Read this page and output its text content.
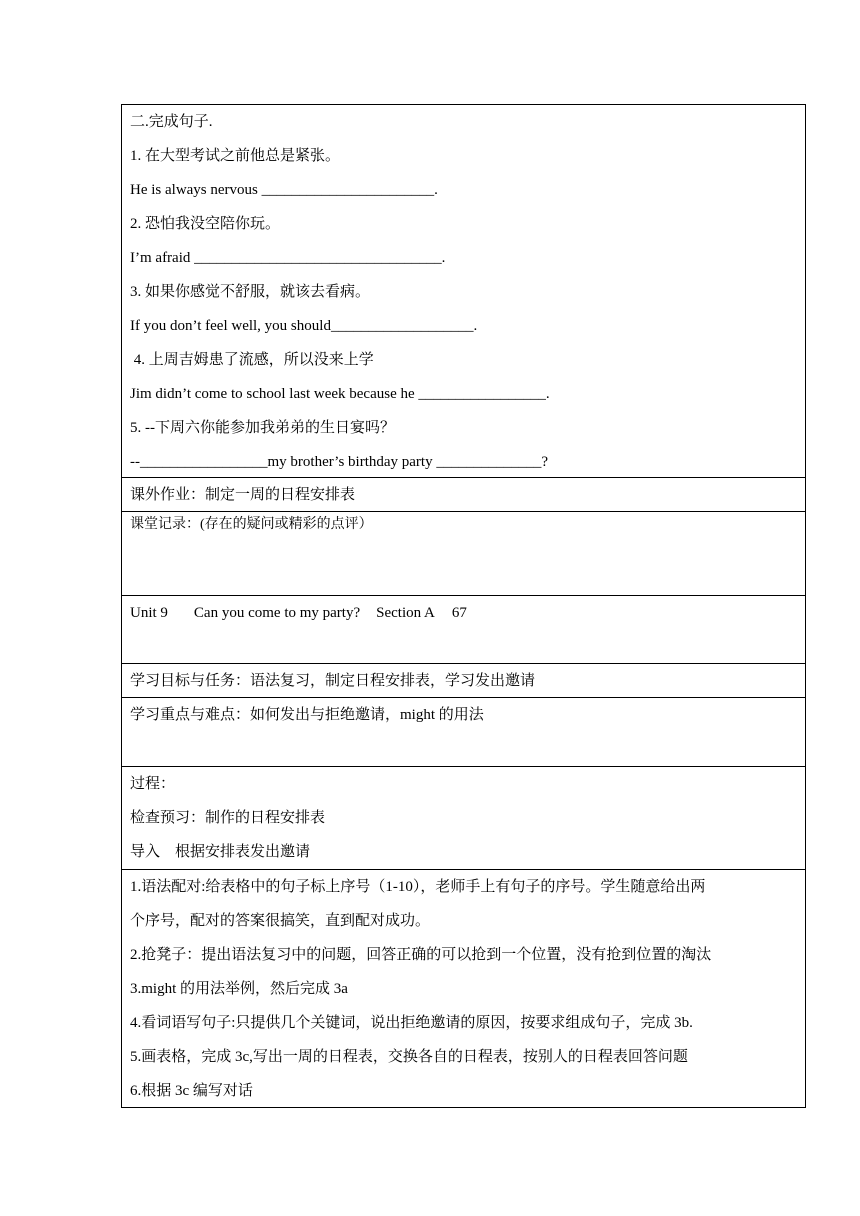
二.完成句子.
1. 在大型考试之前他总是紧张。
He is always nervous _______________________.
2. 恐怕我没空陪你玩。
I’m afraid _________________________________.
3. 如果你感觉不舒服，就该去看病。
If you don’t feel well, you should___________________.
4. 上周吉姆患了流感，所以没来上学
Jim didn’t come to school last week because he _________________.
5. --下周六你能参加我弟弟的生日宴吗？
--_________________my brother’s birthday party ______________?
课外作业：制定一周的日程安排表
课堂记录：(存在的疑问或精彩的点评）
Unit 9 Can you come to my party? Section A 67
学习目标与任务：语法复习，制定日程安排表，学习发出邀请
学习重点与难点：如何发出与拒绝邀请，might 的用法
过程：
检查预习：制作的日程安排表
导入    根据安排表发出邀请
1.语法配对:给表格中的句子标上序号（1-10），老师手上有句子的序号。学生随意给出两
个序号，配对的答案很搞笑，直到配对成功。
2.抢凳子：提出语法复习中的问题，回答正确的可以抢到一个位置，没有抢到位置的淘汰
3.might 的用法举例，然后完成 3a
4.看词语写句子:只提供几个关键词，说出拒绝邀请的原因，按要求组成句子，完成 3b.
5.画表格，完成 3c,写出一周的日程表，交换各自的日程表，按别人的日程表回答问题
6.根据 3c 编写对话
